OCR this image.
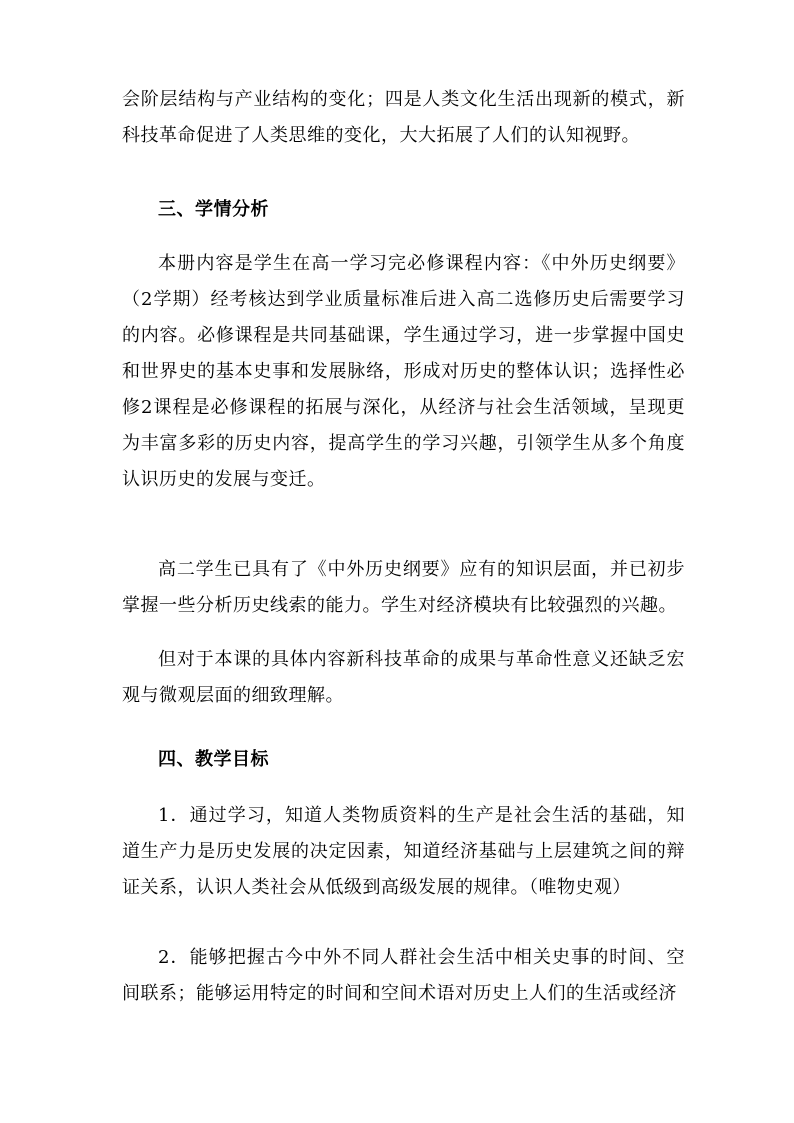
会阶层结构与产业结构的变化；四是人类文化生活出现新的模式，新科技革命促进了人类思维的变化，大大拓展了人们的认知视野。

三、学情分析

本册内容是学生在高一学习完必修课程内容：《中外历史纲要》（2学期）经考核达到学业质量标准后进入高二选修历史后需要学习的内容。必修课程是共同基础课，学生通过学习，进一步掌握中国史和世界史的基本史事和发展脉络，形成对历史的整体认识；选择性必修2课程是必修课程的拓展与深化，从经济与社会生活领域，呈现更为丰富多彩的历史内容，提高学生的学习兴趣，引领学生从多个角度认识历史的发展与变迁。

高二学生已具有了《中外历史纲要》应有的知识层面，并已初步掌握一些分析历史线索的能力。学生对经济模块有比较强烈的兴趣。

但对于本课的具体内容新科技革命的成果与革命性意义还缺乏宏观与微观层面的细致理解。

四、教学目标

1．通过学习，知道人类物质资料的生产是社会生活的基础，知道生产力是历史发展的决定因素，知道经济基础与上层建筑之间的辩证关系，认识人类社会从低级到高级发展的规律。（唯物史观）

2．能够把握古今中外不同人群社会生活中相关史事的时间、空间联系；能够运用特定的时间和空间术语对历史上人们的生活或经济
